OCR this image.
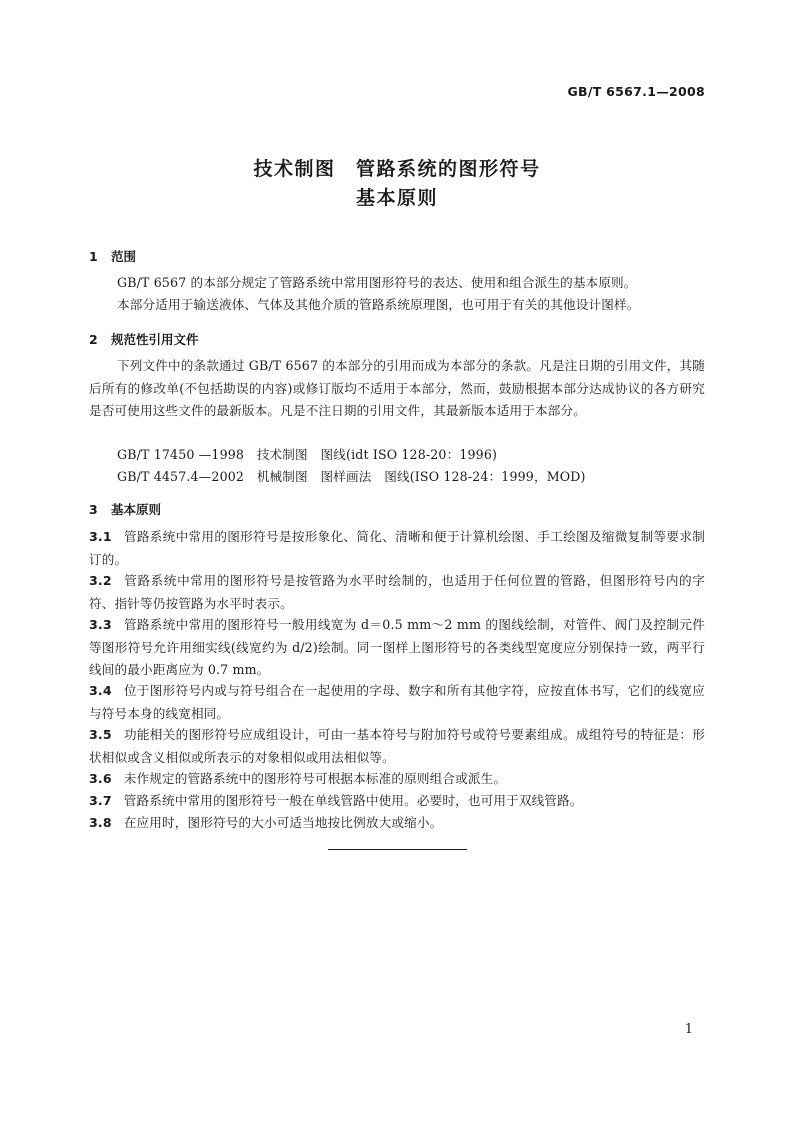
GB/T 6567.1—2008
技术制图　管路系统的图形符号
基本原则
1 范围
GB/T 6567 的本部分规定了管路系统中常用图形符号的表达、使用和组合派生的基本原则。
本部分适用于输送液体、气体及其他介质的管路系统原理图，也可用于有关的其他设计图样。
2 规范性引用文件
下列文件中的条款通过 GB/T 6567 的本部分的引用而成为本部分的条款。凡是注日期的引用文件，其随后所有的修改单(不包括勘误的内容)或修订版均不适用于本部分，然而，鼓励根据本部分达成协议的各方研究是否可使用这些文件的最新版本。凡是不注日期的引用文件，其最新版本适用于本部分。
GB/T 17450 —1998　技术制图　图线(idt ISO 128-20：1996)
GB/T 4457.4—2002　机械制图　图样画法　图线(ISO 128-24：1999，MOD)
3 基本原则
3.1 管路系统中常用的图形符号是按形象化、简化、清晰和便于计算机绘图、手工绘图及缩微复制等要求制订的。
3.2 管路系统中常用的图形符号是按管路为水平时绘制的，也适用于任何位置的管路，但图形符号内的字符、指针等仍按管路为水平时表示。
3.3 管路系统中常用的图形符号一般用线宽为 d＝0.5 mm～2 mm 的图线绘制，对管件、阀门及控制元件等图形符号允许用细实线(线宽约为 d/2)绘制。同一图样上图形符号的各类线型宽度应分别保持一致，两平行线间的最小距离应为 0.7 mm。
3.4 位于图形符号内或与符号组合在一起使用的字母、数字和所有其他字符，应按直体书写，它们的线宽应与符号本身的线宽相同。
3.5 功能相关的图形符号应成组设计，可由一基本符号与附加符号或符号要素组成。成组符号的特征是：形状相似或含义相似或所表示的对象相似或用法相似等。
3.6 未作规定的管路系统中的图形符号可根据本标准的原则组合或派生。
3.7 管路系统中常用的图形符号一般在单线管路中使用。必要时，也可用于双线管路。
3.8 在应用时，图形符号的大小可适当地按比例放大或缩小。
1
